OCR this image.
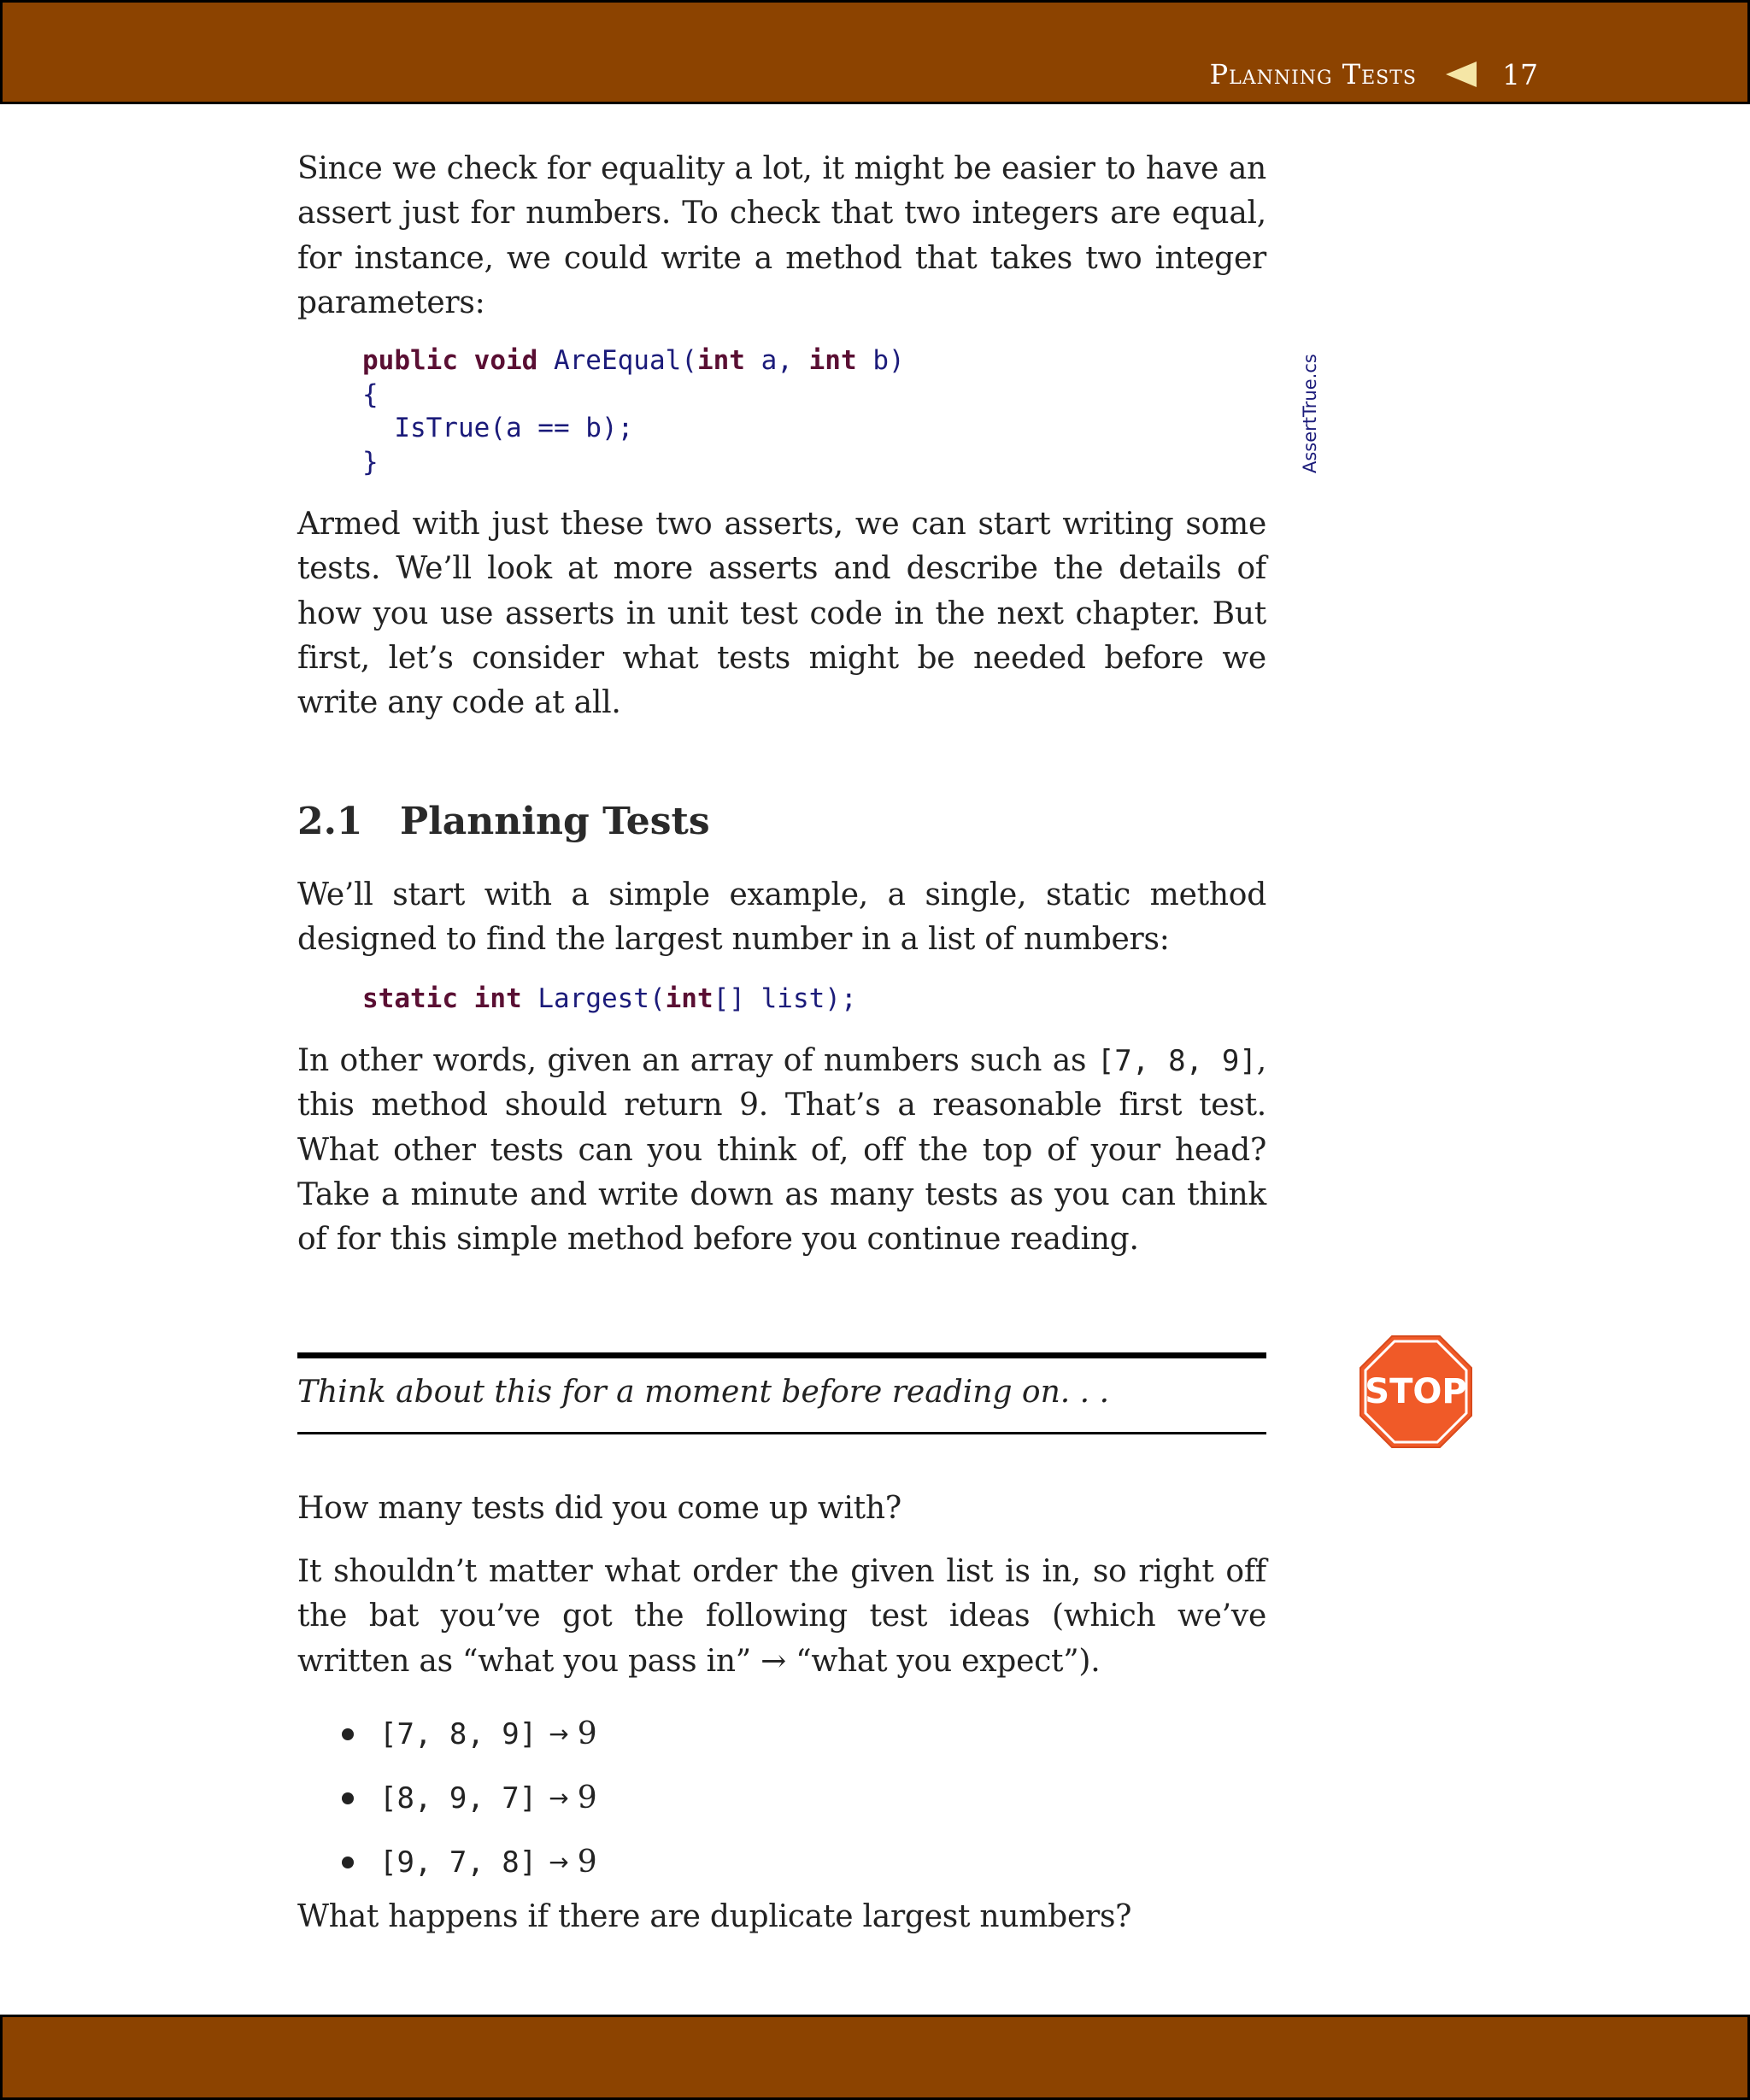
Planning Tests	17

Since we check for equality a lot, it might be easier to have an assert just for numbers. To check that two integers are equal, for instance, we could write a method that takes two integer parameters:

public void AreEqual(int a, int b)
{
IsTrue(a == b);
}	AssertTrue.cs

Armed with just these two asserts, we can start writing some tests. We’ll look at more asserts and describe the details of how you use asserts in unit test code in the next chapter. But first, let’s consider what tests might be needed before we write any code at all.

2.1 Planning Tests

We’ll start with a simple example, a single, static method designed to find the largest number in a list of numbers:

static int Largest(int[] list);

In other words, given an array of numbers such as [7, 8, 9], this method should return 9. That’s a reasonable first test. What other tests can you think of, off the top of your head? Take a minute and write down as many tests as you can think of for this simple method before you continue reading.

Think about this for a moment before reading on. . .	STOP

How many tests did you come up with?

It shouldn’t matter what order the given list is in, so right off the bat you’ve got the following test ideas (which we’ve written as “what you pass in” → “what you expect”).

[7, 8, 9] → 9
[8, 9, 7] → 9
[9, 7, 8] → 9

What happens if there are duplicate largest numbers?
